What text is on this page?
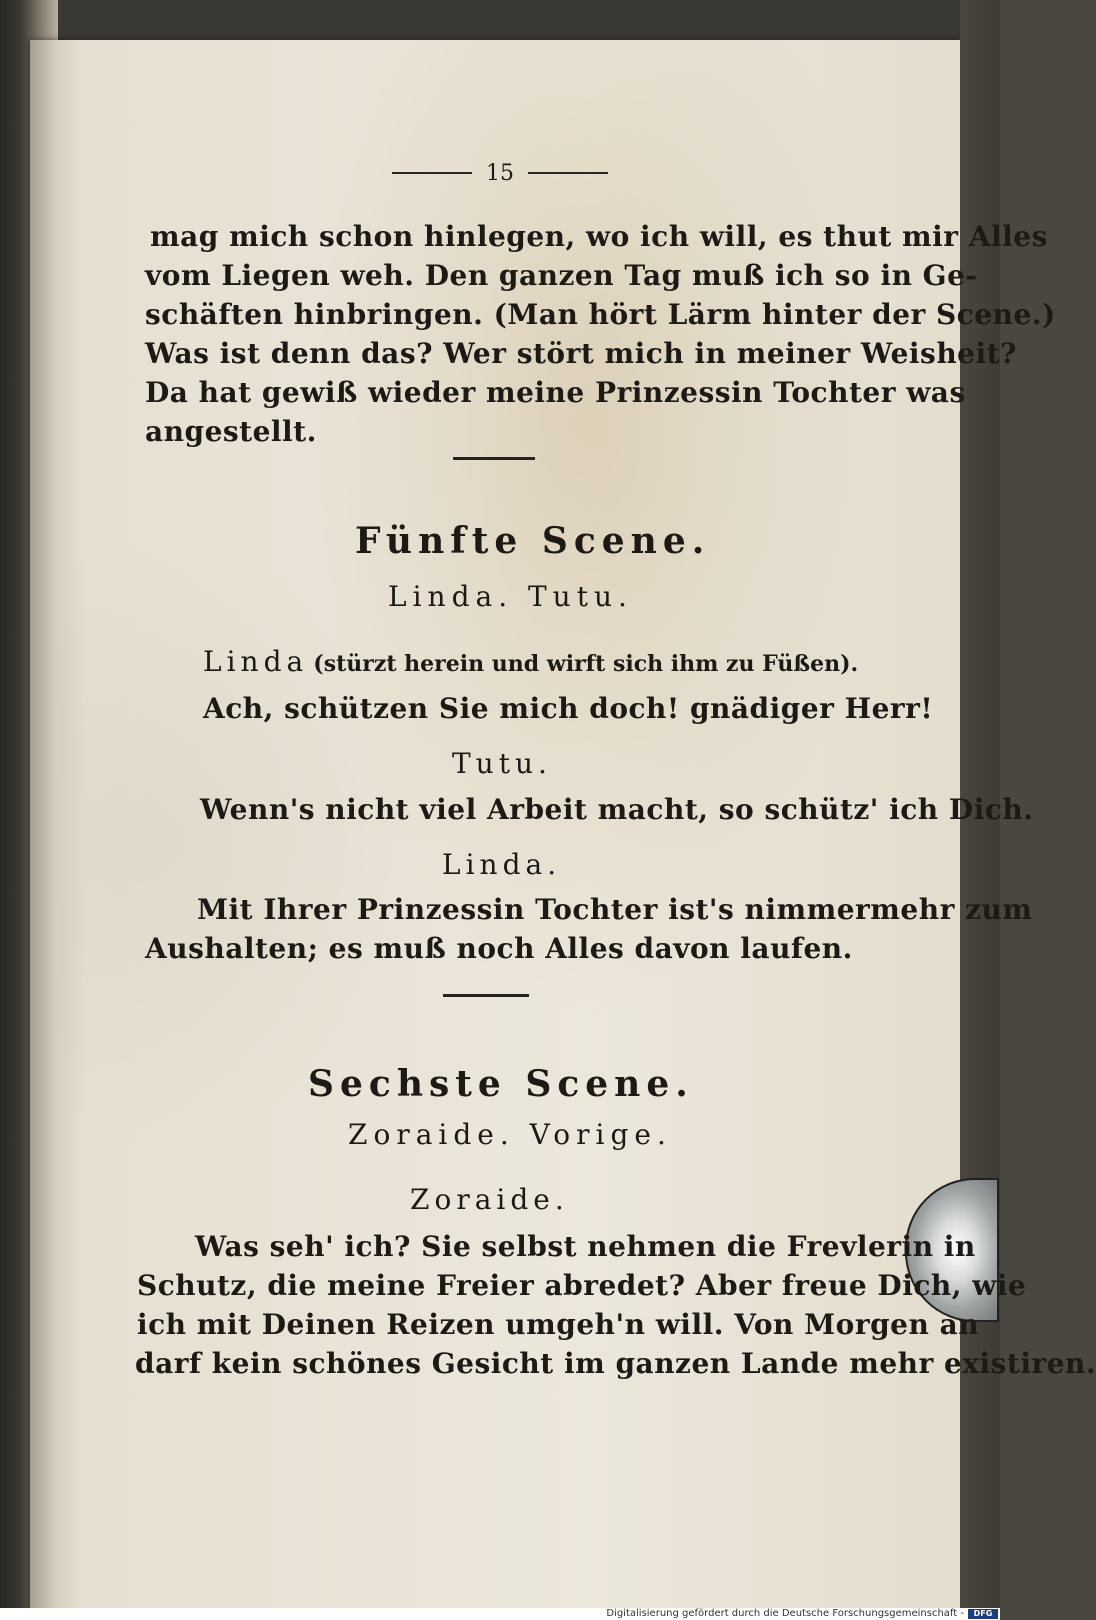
15
mag mich schon hinlegen, wo ich will, es thut mir Alles
vom Liegen weh. Den ganzen Tag muß ich so in Ge-
schäften hinbringen. (Man hört Lärm hinter der Scene.)
Was ist denn das? Wer stört mich in meiner Weisheit?
Da hat gewiß wieder meine Prinzessin Tochter was
angestellt.
Fünfte Scene.
Linda. Tutu.
Linda (stürzt herein und wirft sich ihm zu Füßen).
Ach, schützen Sie mich doch! gnädiger Herr!
Tutu.
Wenn's nicht viel Arbeit macht, so schütz' ich Dich.
Linda.
Mit Ihrer Prinzessin Tochter ist's nimmermehr zum
Aushalten; es muß noch Alles davon laufen.
Sechste Scene.
Zoraide. Vorige.
Zoraide.
Was seh' ich? Sie selbst nehmen die Frevlerin in
Schutz, die meine Freier abredet? Aber freue Dich, wie
ich mit Deinen Reizen umgeh'n will. Von Morgen an
darf kein schönes Gesicht im ganzen Lande mehr existiren.
Digitalisierung gefördert durch die Deutsche Forschungsgemeinschaft -	DFG
